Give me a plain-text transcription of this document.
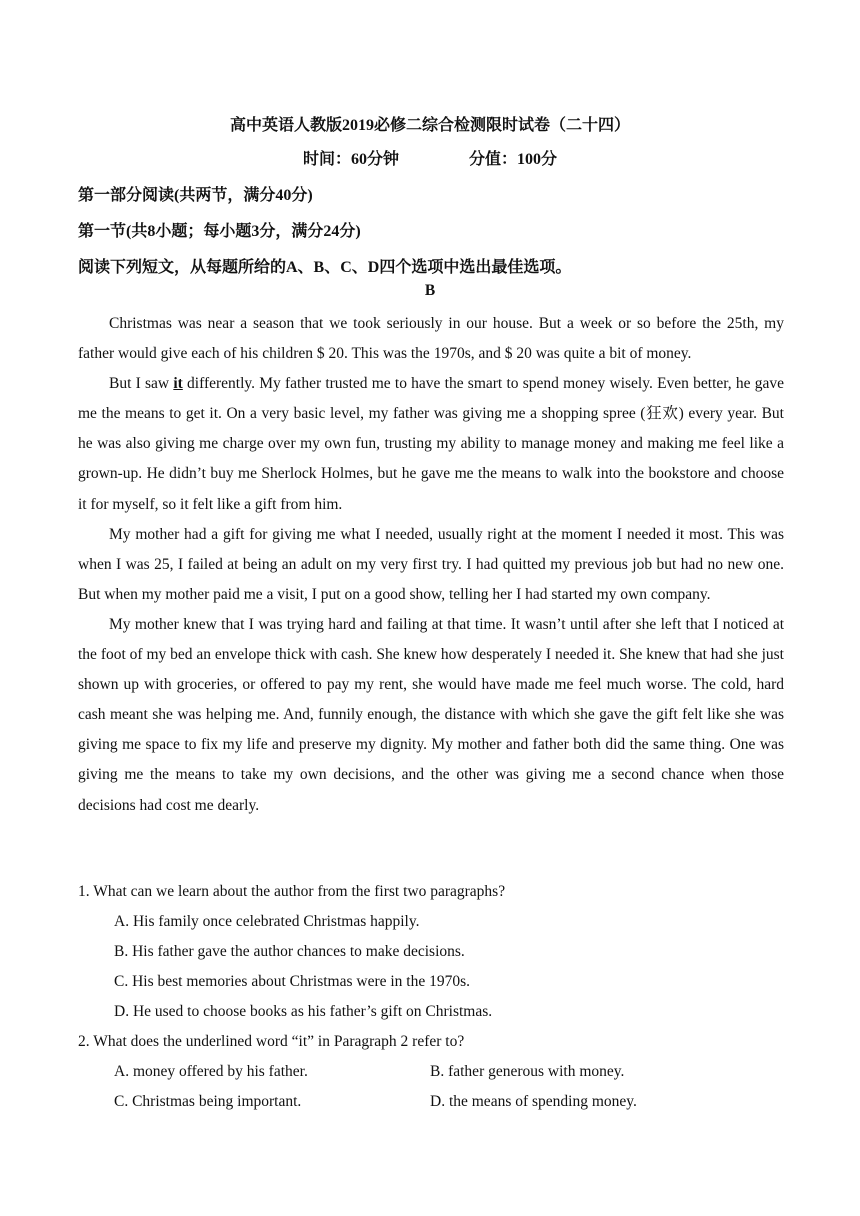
高中英语人教版2019必修二综合检测限时试卷（二十四）
时间：60分钟	分值：100分
第一部分阅读(共两节，满分40分)
第一节(共8小题；每小题3分，满分24分)
阅读下列短文，从每题所给的A、B、C、D四个选项中选出最佳选项。
B

Christmas was near a season that we took seriously in our house. But a week or so before the 25th, my father would give each of his children $ 20. This was the 1970s, and $ 20 was quite a bit of money.

But I saw it differently. My father trusted me to have the smart to spend money wisely. Even better, he gave me the means to get it. On a very basic level, my father was giving me a shopping spree (狂欢) every year. But he was also giving me charge over my own fun, trusting my ability to manage money and making me feel like a grown-up. He didn’t buy me Sherlock Holmes, but he gave me the means to walk into the bookstore and choose it for myself, so it felt like a gift from him.

My mother had a gift for giving me what I needed, usually right at the moment I needed it most. This was when I was 25, I failed at being an adult on my very first try. I had quitted my previous job but had no new one. But when my mother paid me a visit, I put on a good show, telling her I had started my own company.

My mother knew that I was trying hard and failing at that time. It wasn’t until after she left that I noticed at the foot of my bed an envelope thick with cash. She knew how desperately I needed it. She knew that had she just shown up with groceries, or offered to pay my rent, she would have made me feel much worse. The cold, hard cash meant she was helping me. And, funnily enough, the distance with which she gave the gift felt like she was giving me space to fix my life and preserve my dignity. My mother and father both did the same thing. One was giving me the means to take my own decisions, and the other was giving me a second chance when those decisions had cost me dearly.

1. What can we learn about the author from the first two paragraphs?
A. His family once celebrated Christmas happily.
B. His father gave the author chances to make decisions.
C. His best memories about Christmas were in the 1970s.
D. He used to choose books as his father’s gift on Christmas.
2. What does the underlined word “it” in Paragraph 2 refer to?
A. money offered by his father.	B. father generous with money.
C. Christmas being important.	D. the means of spending money.
